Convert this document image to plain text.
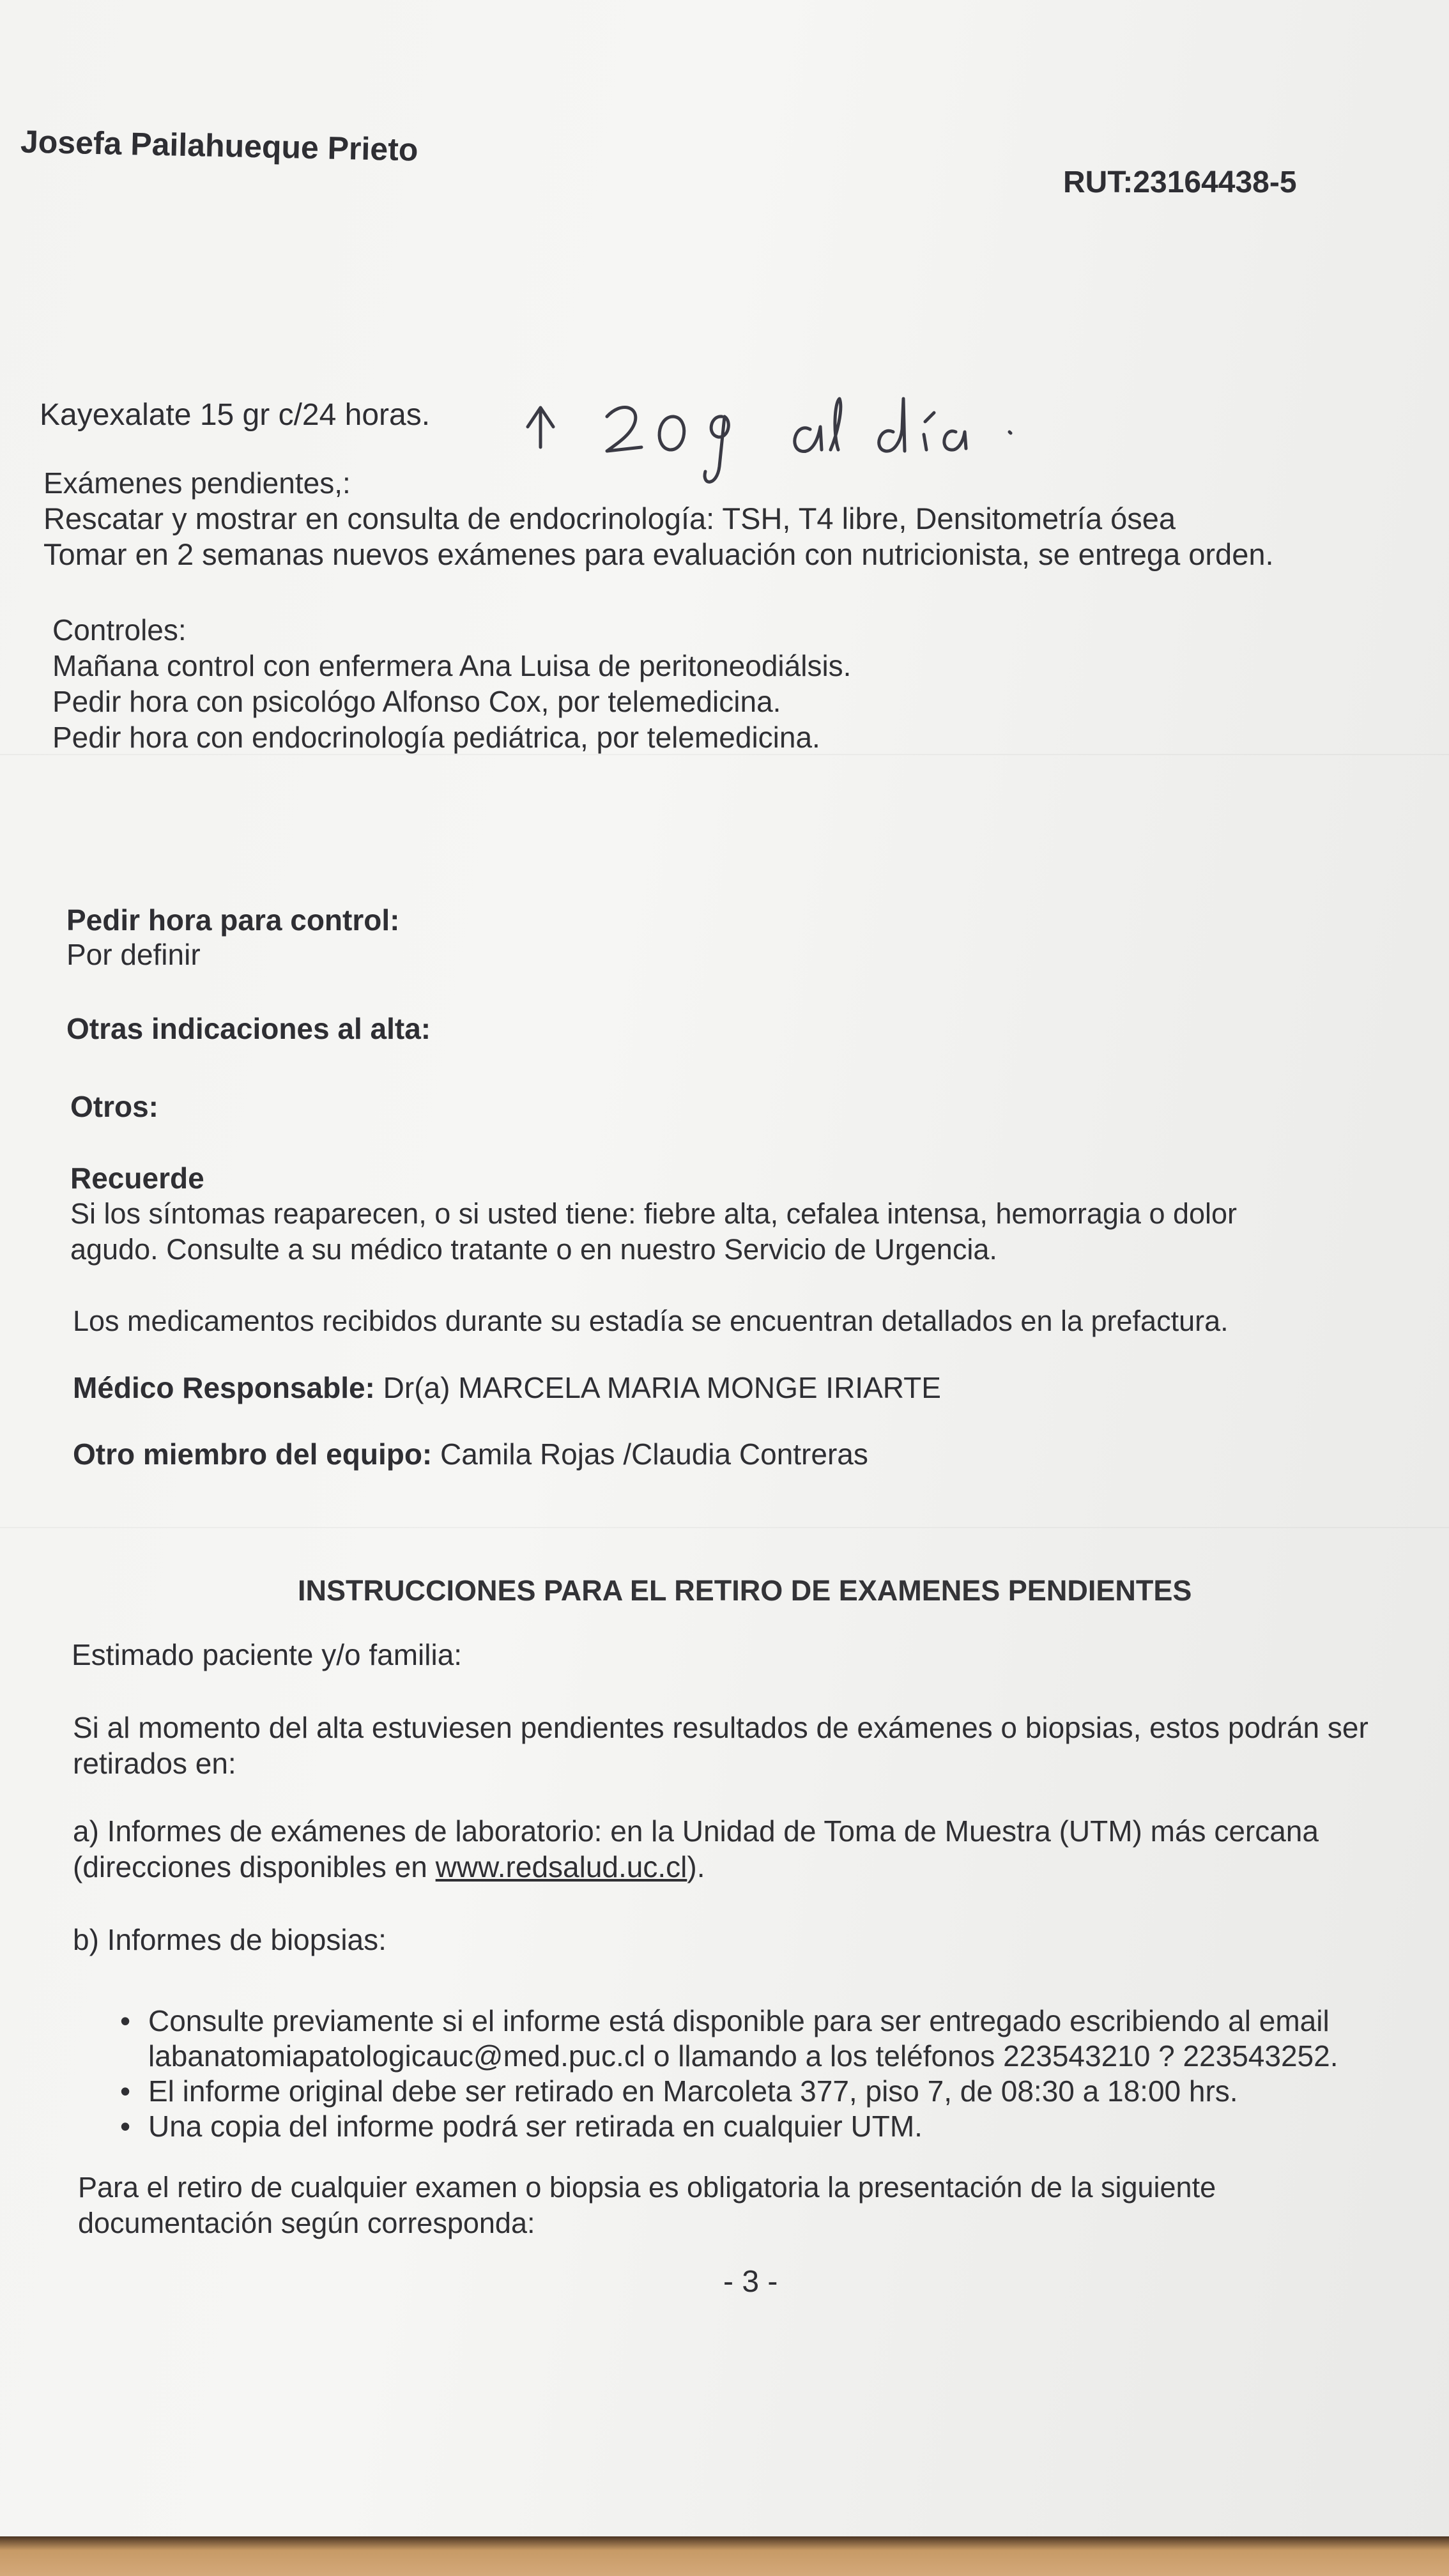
Josefa Pailahueque Prieto
RUT:23164438-5
Kayexalate 15 gr c/24 horas.
Exámenes pendientes,:
Rescatar y mostrar en consulta de endocrinología: TSH, T4 libre, Densitometría ósea
Tomar en 2 semanas nuevos exámenes para evaluación con nutricionista, se entrega orden.
Controles:
Mañana control con enfermera Ana Luisa de peritoneodiálsis.
Pedir hora con psicológo Alfonso Cox, por telemedicina.
Pedir hora con endocrinología pediátrica, por telemedicina.
Pedir hora para control:
Por definir
Otras indicaciones al alta:
Otros:
Recuerde
Si los síntomas reaparecen, o si usted tiene: fiebre alta, cefalea intensa, hemorragia o dolor
agudo. Consulte a su médico tratante o en nuestro Servicio de Urgencia.
Los medicamentos recibidos durante su estadía se encuentran detallados en la prefactura.
Médico Responsable: Dr(a) MARCELA MARIA MONGE IRIARTE
Otro miembro del equipo: Camila Rojas /Claudia Contreras
INSTRUCCIONES PARA EL RETIRO DE EXAMENES PENDIENTES
Estimado paciente y/o familia:
Si al momento del alta estuviesen pendientes resultados de exámenes o biopsias, estos podrán ser
retirados en:
a) Informes de exámenes de laboratorio: en la Unidad de Toma de Muestra (UTM) más cercana
(direcciones disponibles en www.redsalud.uc.cl).
b) Informes de biopsias:
• Consulte previamente si el informe está disponible para ser entregado escribiendo al email
labanatomiapatologicauc@med.puc.cl o llamando a los teléfonos 223543210 ? 223543252.
• El informe original debe ser retirado en Marcoleta 377, piso 7, de 08:30 a 18:00 hrs.
• Una copia del informe podrá ser retirada en cualquier UTM.
Para el retiro de cualquier examen o biopsia es obligatoria la presentación de la siguiente
documentación según corresponda:
- 3 -
